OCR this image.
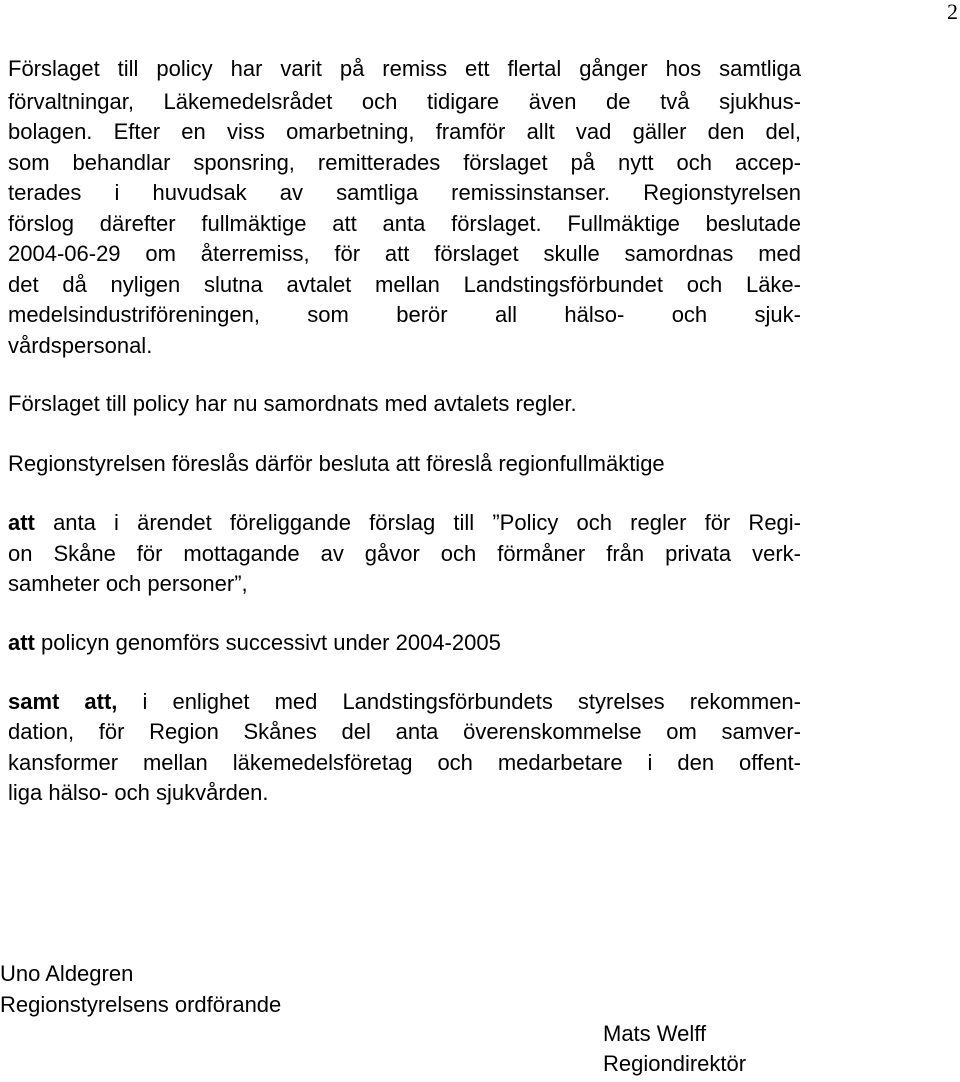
2
Förslaget till policy har varit på remiss ett flertal gånger hos samtliga
förvaltningar, Läkemedelsrådet och tidigare även de två sjukhus-
bolagen. Efter en viss omarbetning, framför allt vad gäller den del,
som behandlar sponsring, remitterades förslaget på nytt och accep-
terades i huvudsak av samtliga remissinstanser. Regionstyrelsen
förslog därefter fullmäktige att anta förslaget. Fullmäktige beslutade
2004-06-29 om återremiss, för att förslaget skulle samordnas med
det då nyligen slutna avtalet mellan Landstingsförbundet och Läke-
medelsindustriföreningen, som berör all hälso- och sjuk-
vårdspersonal.
Förslaget till policy har nu samordnats med avtalets regler.
Regionstyrelsen föreslås därför besluta att föreslå regionfullmäktige
att anta i ärendet föreliggande förslag till ”Policy och regler för Regi-
on Skåne för mottagande av gåvor och förmåner från privata verk-
samheter och personer”,
att policyn genomförs successivt under 2004-2005
samt att, i enlighet med Landstingsförbundets styrelses rekommen-
dation, för Region Skånes del anta överenskommelse om samver-
kansformer mellan läkemedelsföretag och medarbetare i den offent-
liga hälso- och sjukvården.
Uno Aldegren
Regionstyrelsens ordförande
Mats Welff
Regiondirektör
